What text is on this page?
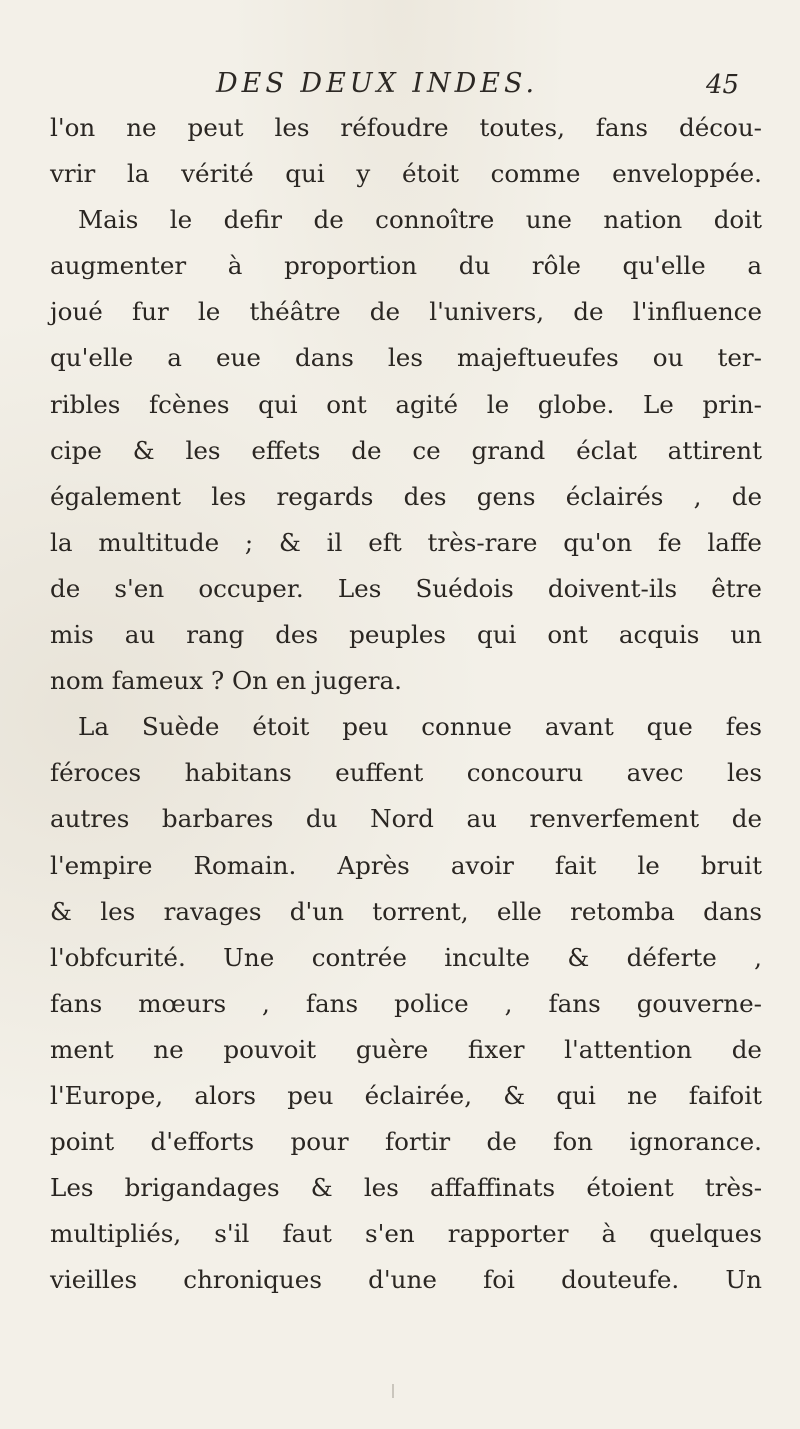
DES DEUX INDES.	45
l'on ne peut les réfoudre toutes, fans décou-
vrir la vérité qui y étoit comme enveloppée.
Mais le defir de connoître une nation doit
augmenter à proportion du rôle qu'elle a
joué fur le théâtre de l'univers, de l'influence
qu'elle a eue dans les majeftueufes ou ter-
ribles fcènes qui ont agité le globe. Le prin-
cipe & les effets de ce grand éclat attirent
également les regards des gens éclairés , de
la multitude ; & il eft très-rare qu'on fe laffe
de s'en occuper. Les Suédois doivent-ils être
mis au rang des peuples qui ont acquis un
nom fameux ? On en jugera.
La Suède étoit peu connue avant que fes
féroces habitans euffent concouru avec les
autres barbares du Nord au renverfement de
l'empire Romain. Après avoir fait le bruit
& les ravages d'un torrent, elle retomba dans
l'obfcurité. Une contrée inculte & déferte ,
fans mœurs , fans police , fans gouverne-
ment ne pouvoit guère fixer l'attention de
l'Europe, alors peu éclairée, & qui ne faifoit
point d'efforts pour fortir de fon ignorance.
Les brigandages & les affaffinats étoient très-
multipliés, s'il faut s'en rapporter à quelques
vieilles chroniques d'une foi douteufe. Un
